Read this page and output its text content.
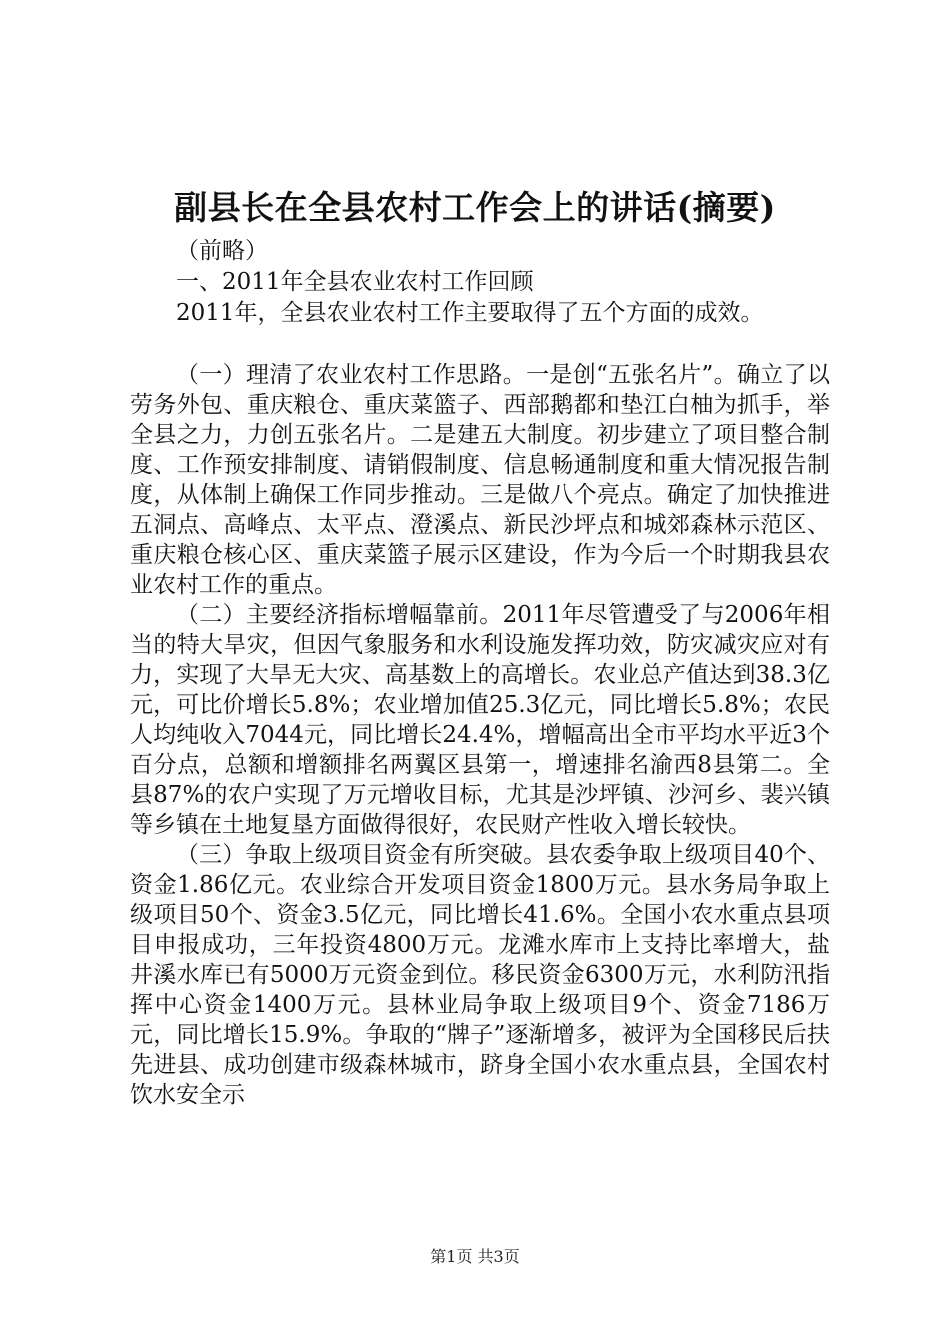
副县长在全县农村工作会上的讲话(摘要)
（前略）
一、2011年全县农业农村工作回顾
2011年，全县农业农村工作主要取得了五个方面的成效。

（一）理清了农业农村工作思路。一是创“五张名片”。确立了以劳务外包、重庆粮仓、重庆菜篮子、西部鹅都和垫江白柚为抓手，举全县之力，力创五张名片。二是建五大制度。初步建立了项目整合制度、工作预安排制度、请销假制度、信息畅通制度和重大情况报告制度，从体制上确保工作同步推动。三是做八个亮点。确定了加快推进五洞点、高峰点、太平点、澄溪点、新民沙坪点和城郊森林示范区、重庆粮仓核心区、重庆菜篮子展示区建设，作为今后一个时期我县农业农村工作的重点。

（二）主要经济指标增幅靠前。2011年尽管遭受了与2006年相当的特大旱灾，但因气象服务和水利设施发挥功效，防灾减灾应对有力，实现了大旱无大灾、高基数上的高增长。农业总产值达到38.3亿元，可比价增长5.8%；农业增加值25.3亿元，同比增长5.8%；农民人均纯收入7044元，同比增长24.4%，增幅高出全市平均水平近3个百分点，总额和增额排名两翼区县第一，增速排名渝西8县第二。全县87%的农户实现了万元增收目标，尤其是沙坪镇、沙河乡、裴兴镇等乡镇在土地复垦方面做得很好，农民财产性收入增长较快。

（三）争取上级项目资金有所突破。县农委争取上级项目40个、资金1.86亿元。农业综合开发项目资金1800万元。县水务局争取上级项目50个、资金3.5亿元，同比增长41.6%。全国小农水重点县项目申报成功，三年投资4800万元。龙滩水库市上支持比率增大，盐井溪水库已有5000万元资金到位。移民资金6300万元，水利防汛指挥中心资金1400万元。县林业局争取上级项目9个、资金7186万元，同比增长15.9%。争取的“牌子”逐渐增多，被评为全国移民后扶先进县、成功创建市级森林城市，跻身全国小农水重点县，全国农村饮水安全示

第1页 共3页
